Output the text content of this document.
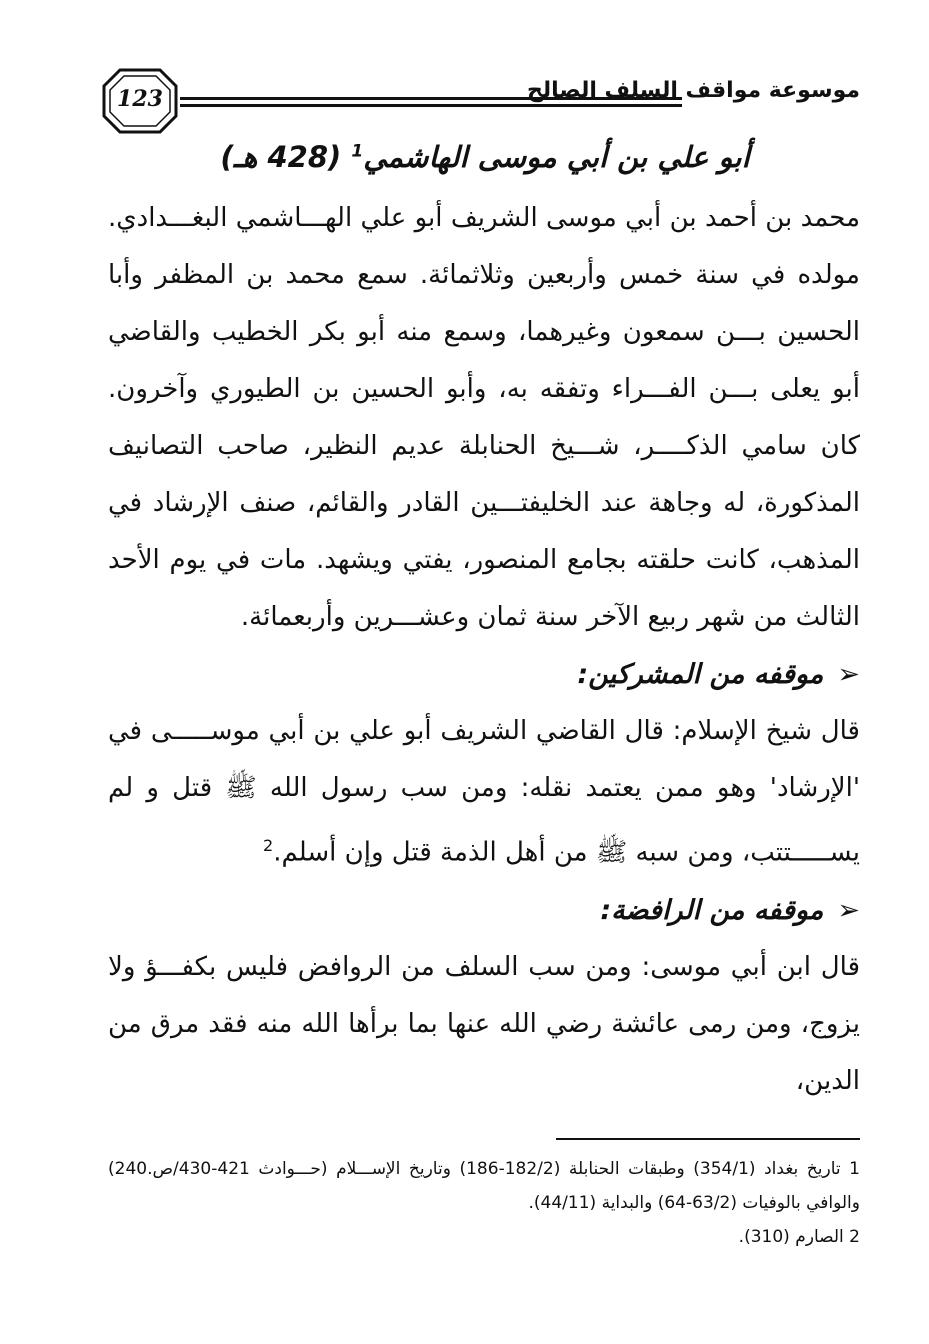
123	موسوعة مواقف السلف الصالح
أبو علي بن أبي موسى الهاشمي$^1$ (428 هـ)

محمد بن أحمد بن أبي موسى الشريف أبو علي الهـــاشمي البغـــدادي. مولده في سنة خمس وأربعين وثلاثمائة. سمع محمد بن المظفر وأبا الحسين بـــن سمعون وغيرهما، وسمع منه أبو بكر الخطيب والقاضي أبو يعلى بـــن الفـــراء وتفقه به، وأبو الحسين بن الطيوري وآخرون. كان سامي الذكــــر، شـــيخ الحنابلة عديم النظير، صاحب التصانيف المذكورة، له وجاهة عند الخليفتـــين القادر والقائم، صنف الإرشاد في المذهب، كانت حلقته بجامع المنصور، يفتي ويشهد. مات في يوم الأحد الثالث من شهر ربيع الآخر سنة ثمان وعشـــرين وأربعمائة.

➢موقفه من المشركين:

قال شيخ الإسلام: قال القاضي الشريف أبو علي بن أبي موســـــى في 'الإرشاد' وهو ممن يعتمد نقله: ومن سب رسول الله ﷺ قتل و لم يســـــتتب، ومن سبه ﷺ من أهل الذمة قتل وإن أسلم.$^2$

➢موقفه من الرافضة:

قال ابن أبي موسى: ومن سب السلف من الروافض فليس بكفـــؤ ولا يزوج، ومن رمى عائشة رضي الله عنها بما برأها الله منه فقد مرق من الدين،

1 تاريخ بغداد (354/1) وطبقات الحنابلة (182/2-186) وتاريخ الإســـلام (حـــوادث 421-430/ص.240) والوافي بالوفيات (63/2-64) والبداية (44/11).

2 الصارم (310).
